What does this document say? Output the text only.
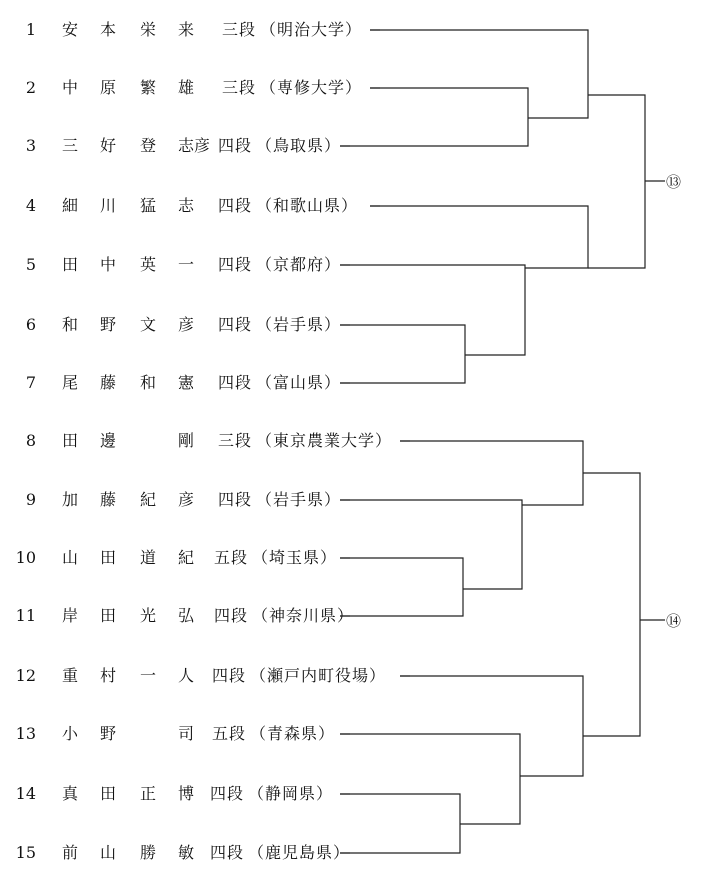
1 安 本 栄 来 三段 （明治大学）
2 中 原 繁 雄 三段 （専修大学）
3 三 好 登 志彦 四段 （鳥取県）
4 細 川 猛 志 四段 （和歌山県）
5 田 中 英 一 四段 （京都府）
6 和 野 文 彦 四段 （岩手県）
7 尾 藤 和 憲 四段 （富山県）
8 田 邊	剛 三段 （東京農業大学）
9 加 藤 紀 彦 四段 （岩手県）
10 山 田 道 紀 五段 （埼玉県）
11 岸 田 光 弘 四段 （神奈川県）
12 重 村 一 人 四段 （瀬戸内町役場）
13 小 野	司 五段 （青森県）
14 真 田 正 博 四段 （静岡県）
15 前 山 勝 敏 四段 （鹿児島県）
⑬
⑭
